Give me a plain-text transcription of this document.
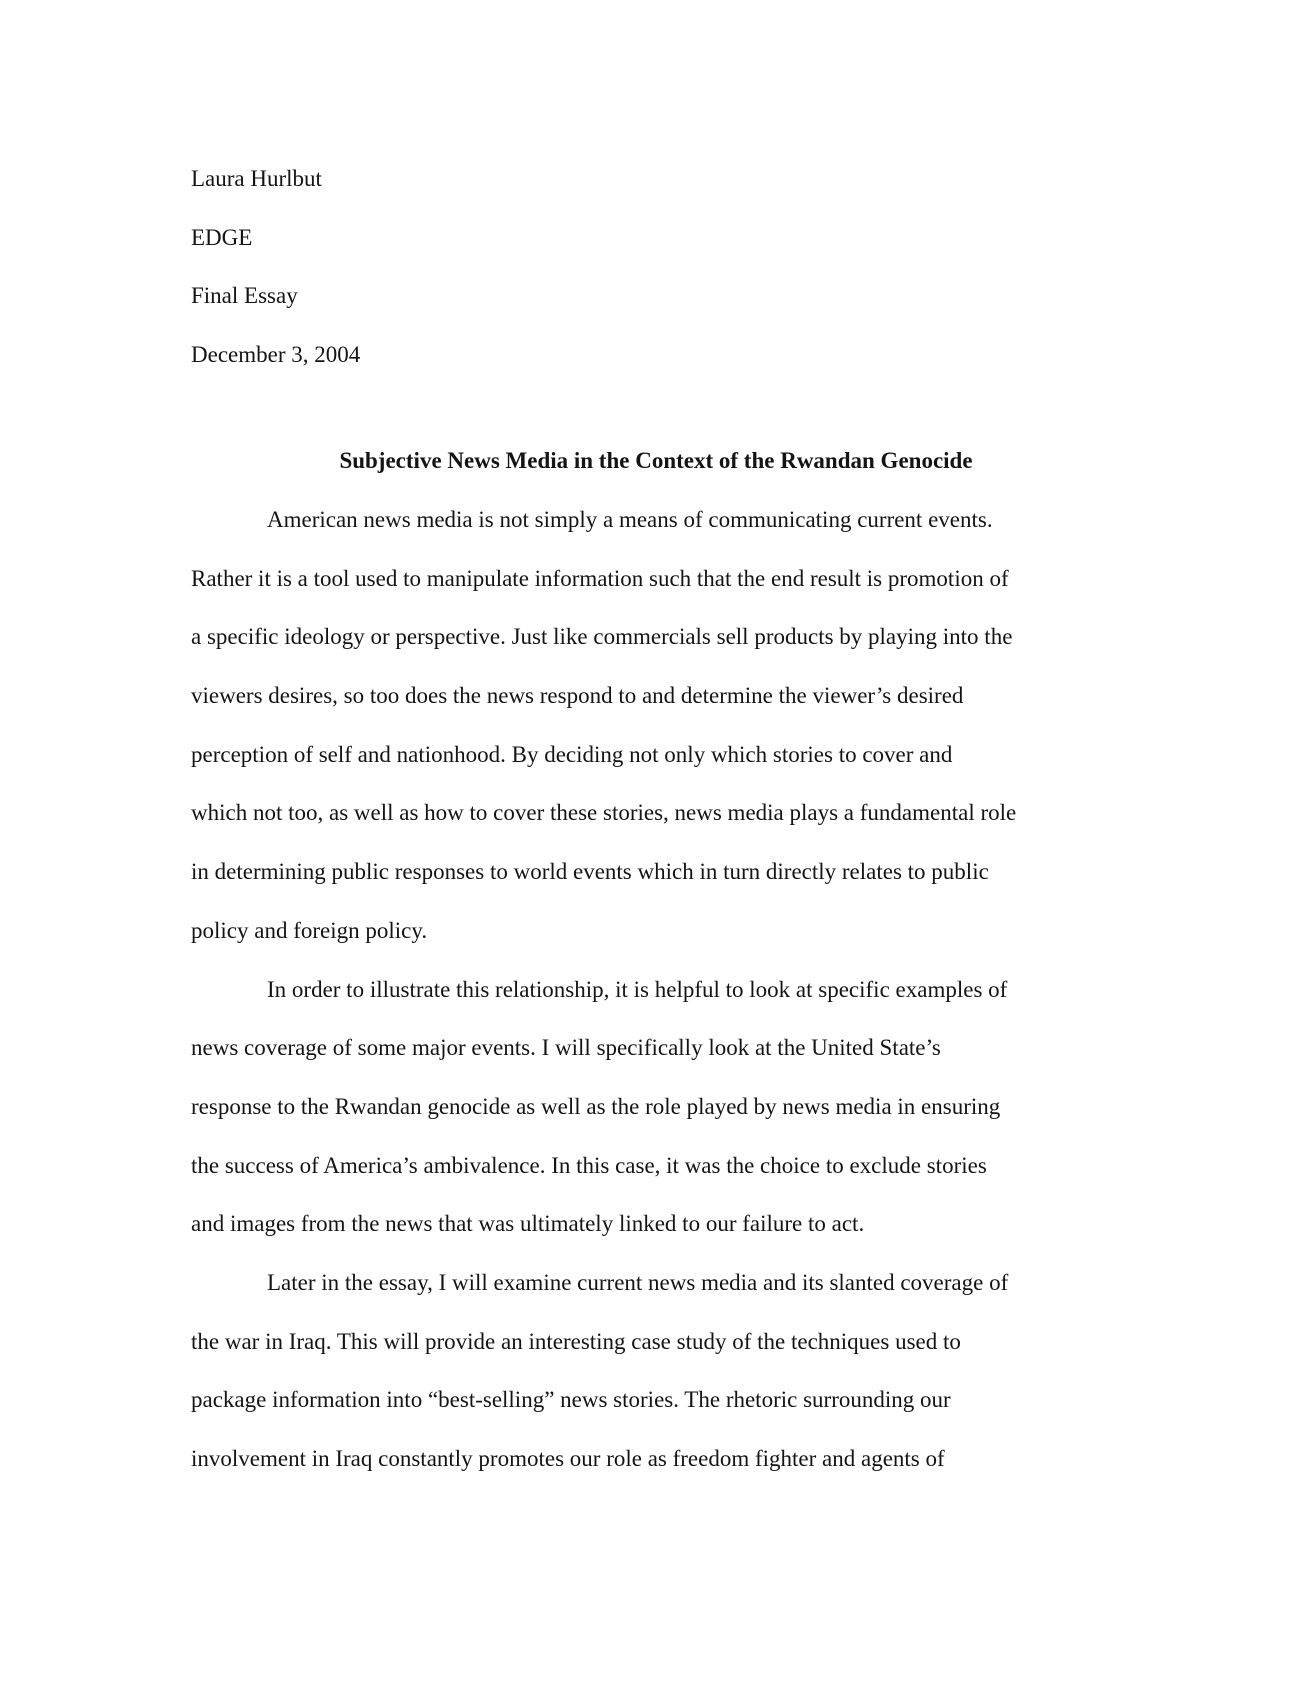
Laura Hurlbut
EDGE
Final Essay
December 3, 2004
Subjective News Media in the Context of the Rwandan Genocide
American news media is not simply a means of communicating current events.
Rather it is a tool used to manipulate information such that the end result is promotion of
a specific ideology or perspective. Just like commercials sell products by playing into the
viewers desires, so too does the news respond to and determine the viewer’s desired
perception of self and nationhood. By deciding not only which stories to cover and
which not too, as well as how to cover these stories, news media plays a fundamental role
in determining public responses to world events which in turn directly relates to public
policy and foreign policy.
In order to illustrate this relationship, it is helpful to look at specific examples of
news coverage of some major events. I will specifically look at the United State’s
response to the Rwandan genocide as well as the role played by news media in ensuring
the success of America’s ambivalence. In this case, it was the choice to exclude stories
and images from the news that was ultimately linked to our failure to act.
Later in the essay, I will examine current news media and its slanted coverage of
the war in Iraq. This will provide an interesting case study of the techniques used to
package information into “best-selling” news stories. The rhetoric surrounding our
involvement in Iraq constantly promotes our role as freedom fighter and agents of
